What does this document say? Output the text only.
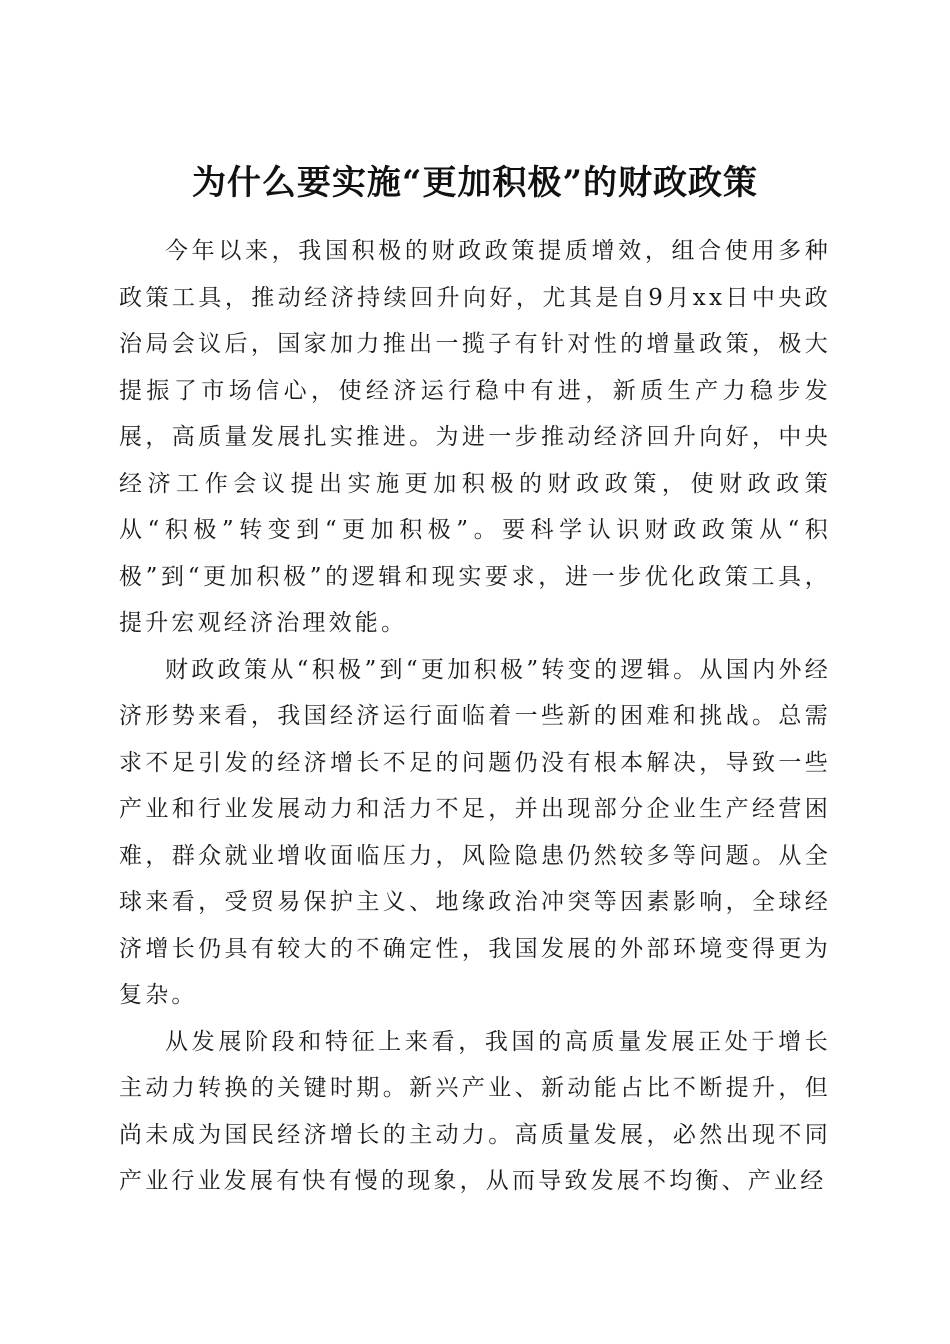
为什么要实施“更加积极”的财政政策

今年以来，我国积极的财政政策提质增效，组合使用多种政策工具，推动经济持续回升向好，尤其是自9月xx日中央政治局会议后，国家加力推出一揽子有针对性的增量政策，极大提振了市场信心，使经济运行稳中有进，新质生产力稳步发展，高质量发展扎实推进。为进一步推动经济回升向好，中央经济工作会议提出实施更加积极的财政政策，使财政政策从“积极”转变到“更加积极”。要科学认识财政政策从“积极”到“更加积极”的逻辑和现实要求，进一步优化政策工具，提升宏观经济治理效能。

财政政策从“积极”到“更加积极”转变的逻辑。从国内外经济形势来看，我国经济运行面临着一些新的困难和挑战。总需求不足引发的经济增长不足的问题仍没有根本解决，导致一些产业和行业发展动力和活力不足，并出现部分企业生产经营困难，群众就业增收面临压力，风险隐患仍然较多等问题。从全球来看，受贸易保护主义、地缘政治冲突等因素影响，全球经济增长仍具有较大的不确定性，我国发展的外部环境变得更为复杂。

从发展阶段和特征上来看，我国的高质量发展正处于增长主动力转换的关键时期。新兴产业、新动能占比不断提升，但尚未成为国民经济增长的主动力。高质量发展，必然出现不同产业行业发展有快有慢的现象，从而导致发展不均衡、产业经
